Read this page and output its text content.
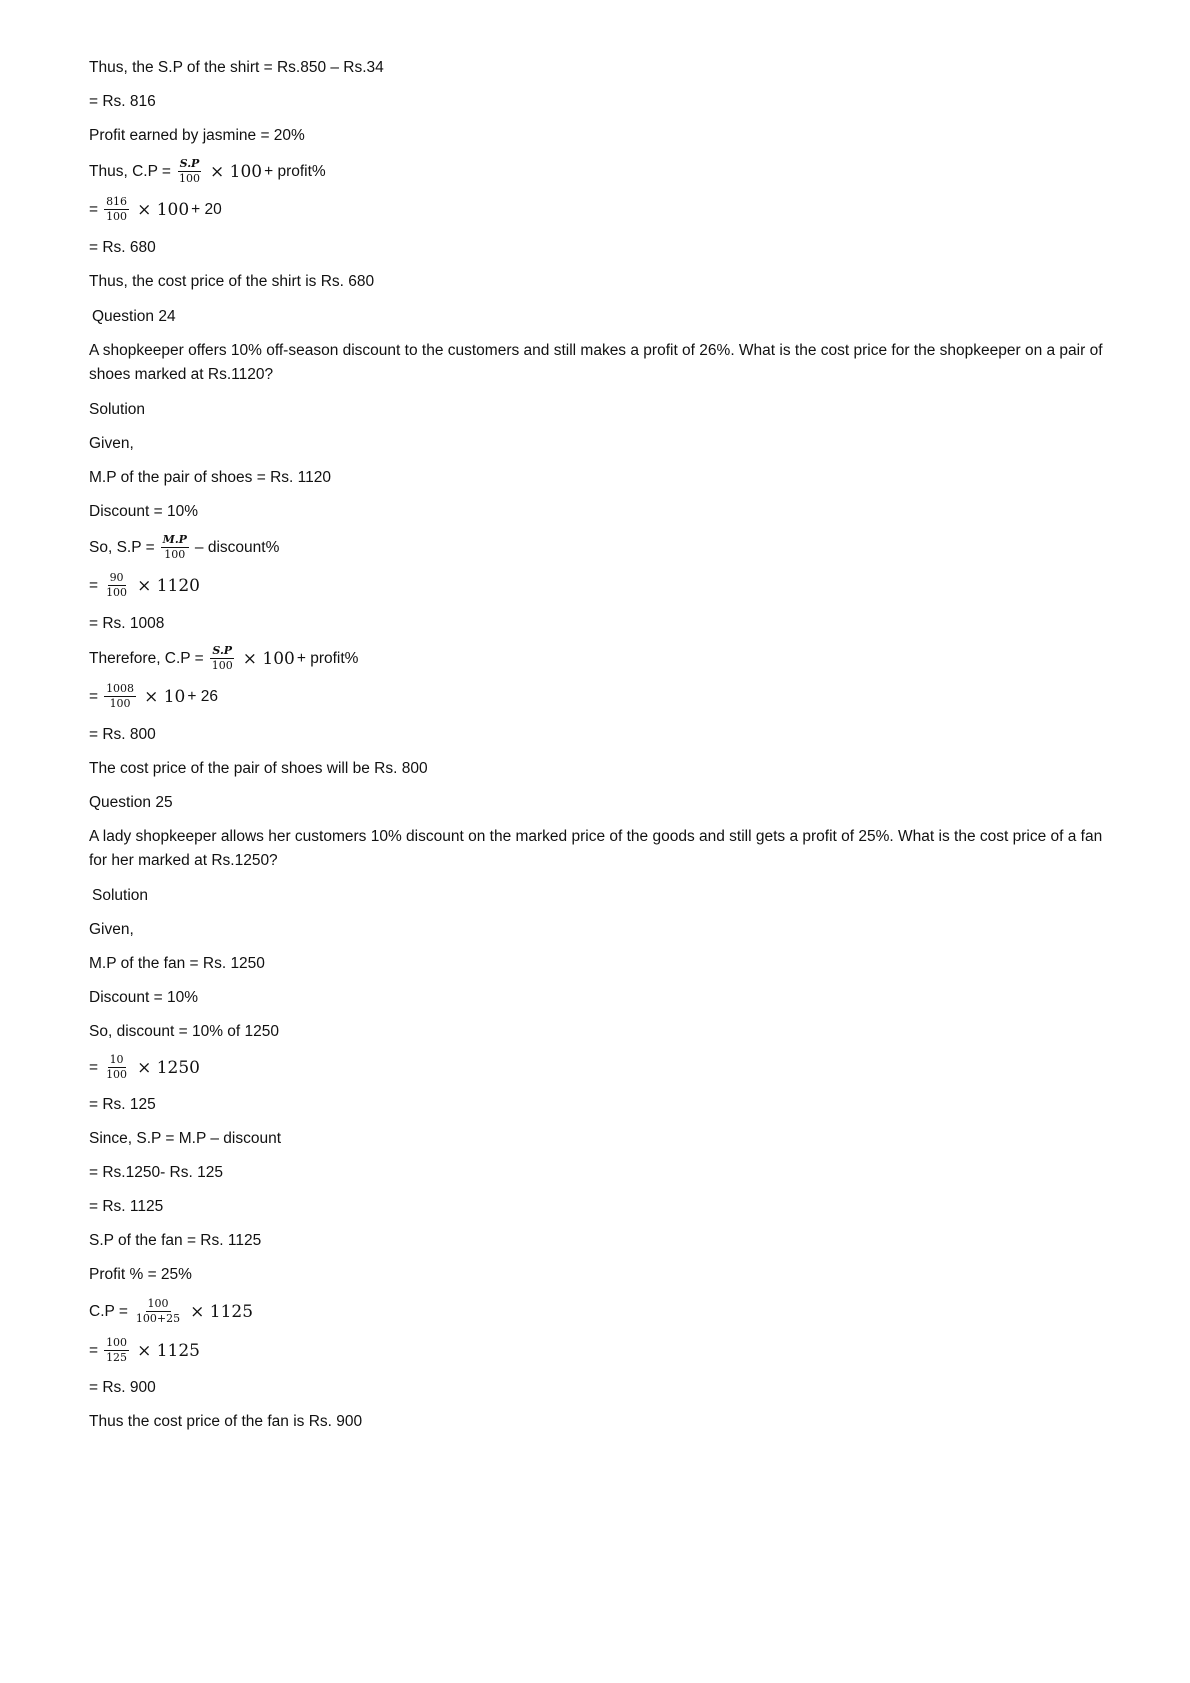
Thus, the S.P of the shirt = Rs.850 – Rs.34
= Rs. 816
Profit earned by jasmine = 20%
Thus, $C.P = \frac{S.P}{100} \times 100$ + profit%
= $\frac{816}{100} \times 100 + 20$
= Rs. 680
Thus, the cost price of the shirt is Rs. 680
Question 24
A shopkeeper offers 10% off-season discount to the customers and still makes a profit of 26%. What is the cost price for the shopkeeper on a pair of shoes marked at Rs.1120?
Solution
Given,
M.P of the pair of shoes = Rs. 1120
Discount = 10%
So, $S.P = \frac{M.P}{100}$ – discount%
= $\frac{90}{100} \times 1120$
= Rs. 1008
Therefore, $C.P = \frac{S.P}{100} \times 100$ + profit%
= $\frac{1008}{100} \times 10 + 26$
= Rs. 800
The cost price of the pair of shoes will be Rs. 800
Question 25
A lady shopkeeper allows her customers 10% discount on the marked price of the goods and still gets a profit of 25%. What is the cost price of a fan for her marked at Rs.1250?
Solution
Given,
M.P of the fan = Rs. 1250
Discount = 10%
So, discount = 10% of 1250
= $\frac{10}{100} \times 1250$
= Rs. 125
Since, S.P = M.P – discount
= Rs.1250- Rs. 125
= Rs. 1125
S.P of the fan = Rs. 1125
Profit % = 25%
$C.P = \frac{100}{100+25} \times 1125$
= $\frac{100}{125} \times 1125$
= Rs. 900
Thus the cost price of the fan is Rs. 900
